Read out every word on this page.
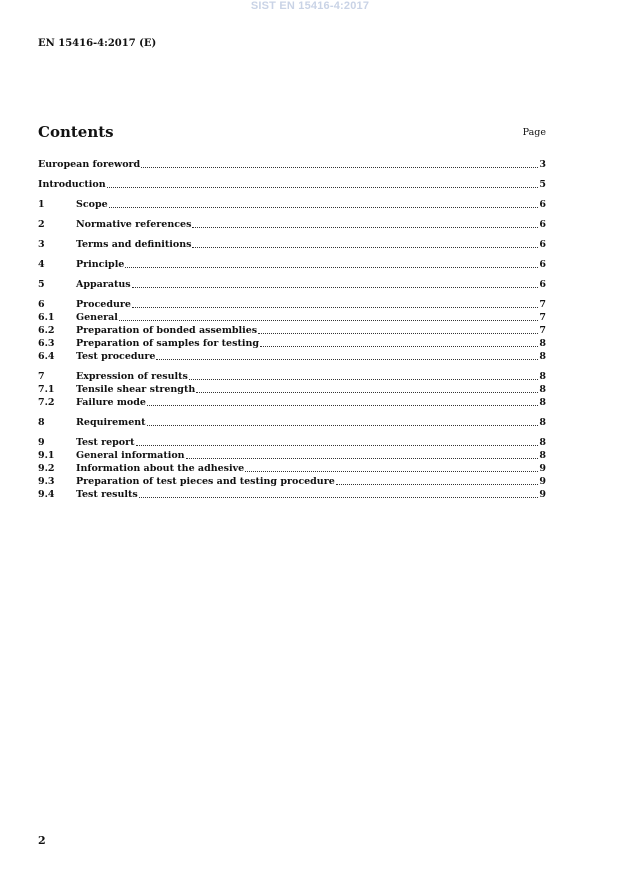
SIST EN 15416-4:2017
EN 15416-4:2017 (E)
Contents	Page
European foreword	3
Introduction	5
1	Scope	6
2	Normative references	6
3	Terms and definitions	6
4	Principle	6
5	Apparatus	6
6	Procedure	7
6.1	General	7
6.2	Preparation of bonded assemblies	7
6.3	Preparation of samples for testing	8
6.4	Test procedure	8
7	Expression of results	8
7.1	Tensile shear strength	8
7.2	Failure mode	8
8	Requirement	8
9	Test report	8
9.1	General information	8
9.2	Information about the adhesive	9
9.3	Preparation of test pieces and testing procedure	9
9.4	Test results	9
2
